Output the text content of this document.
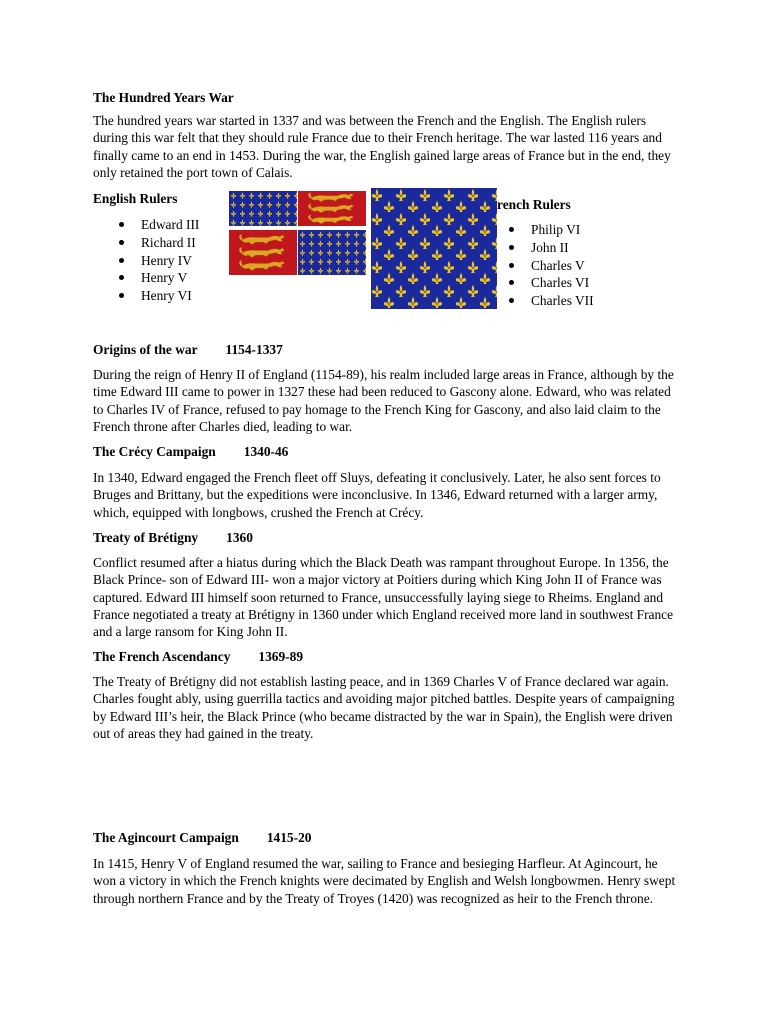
The Hundred Years War
The hundred years war started in 1337 and was between the French and the English. The English rulers during this war felt that they should rule France due to their French heritage. The war lasted 116 years and finally came to an end in 1453. During the war, the English gained large areas of France but in the end, they only retained the port town of Calais.
English Rulers
Edward III
Richard II
Henry IV
Henry V
Henry VI
rench Rulers
Philip VI
John II
Charles V
Charles VI
Charles VII
Origins of the war 1154-1337
During the reign of Henry II of England (1154-89), his realm included large areas in France, although by the time Edward III came to power in 1327 these had been reduced to Gascony alone. Edward, who was related to Charles IV of France, refused to pay homage to the French King for Gascony, and also laid claim to the French throne after Charles died, leading to war.
The Crécy Campaign 1340-46
In 1340, Edward engaged the French fleet off Sluys, defeating it conclusively. Later, he also sent forces to Bruges and Brittany, but the expeditions were inconclusive. In 1346, Edward returned with a larger army, which, equipped with longbows, crushed the French at Crécy.
Treaty of Brétigny 1360
Conflict resumed after a hiatus during which the Black Death was rampant throughout Europe. In 1356, the Black Prince- son of Edward III- won a major victory at Poitiers during which King John II of France was captured. Edward III himself soon returned to France, unsuccessfully laying siege to Rheims. England and France negotiated a treaty at Brétigny in 1360 under which England received more land in southwest France and a large ransom for King John II.
The French Ascendancy 1369-89
The Treaty of Brétigny did not establish lasting peace, and in 1369 Charles V of France declared war again. Charles fought ably, using guerrilla tactics and avoiding major pitched battles. Despite years of campaigning by Edward III’s heir, the Black Prince (who became distracted by the war in Spain), the English were driven out of areas they had gained in the treaty.
The Agincourt Campaign 1415-20
In 1415, Henry V of England resumed the war, sailing to France and besieging Harfleur. At Agincourt, he won a victory in which the French knights were decimated by English and Welsh longbowmen. Henry swept through northern France and by the Treaty of Troyes (1420) was recognized as heir to the French throne.
